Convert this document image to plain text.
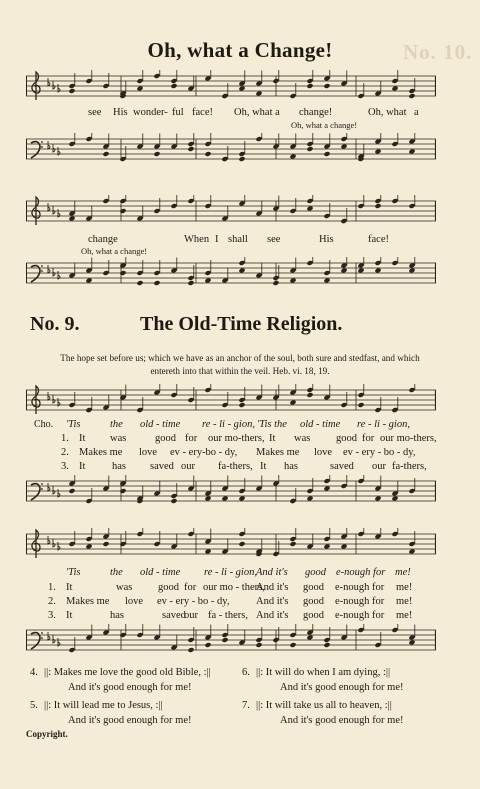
No. 10.
Oh, what a Change!
see His wonder- ful face! Oh, what a change!	Oh, what a
Oh, what a change!
change	When I shall see	His	face!
Oh, what a change!
No. 9.	The Old-Time Religion.
The hope set before us; which we have as an anchor of the soul, both sure and stedfast, and which
entereth into that within the veil. Heb. vi. 18, 19.
Cho. 'Tis	the old - time re - li - gion, 'Tis the old - time re - li - gion,
1. It was	good for our mo-thers, It was good for our mo-thers,
2. Makes me love ev - ery-bo - dy, Makes me love ev - ery - bo - dy,
3. It	has saved our fa-thers, It has	saved our fa-thers,
'Tis	the old - time re - li - gion, And it's good e-nough for me!
1. It	was good for our mo - thers,
And it's good e-nough for me!
2. Makes me love ev - ery - bo - dy,	And it's good e-nough for me!
3. It	has	saved
our fa - thers, And it's good e-nough for me!
4. ||: Makes me love the good old Bible, :||
And it's good enough for me!
6. ||: It will do when I am dying, :||
And it's good enough for me!
5. ||: It will lead me to Jesus, :||
And it's good enough for me!
7. ||: It will take us all to heaven, :||
And it's good enough for me!
Copyright.
